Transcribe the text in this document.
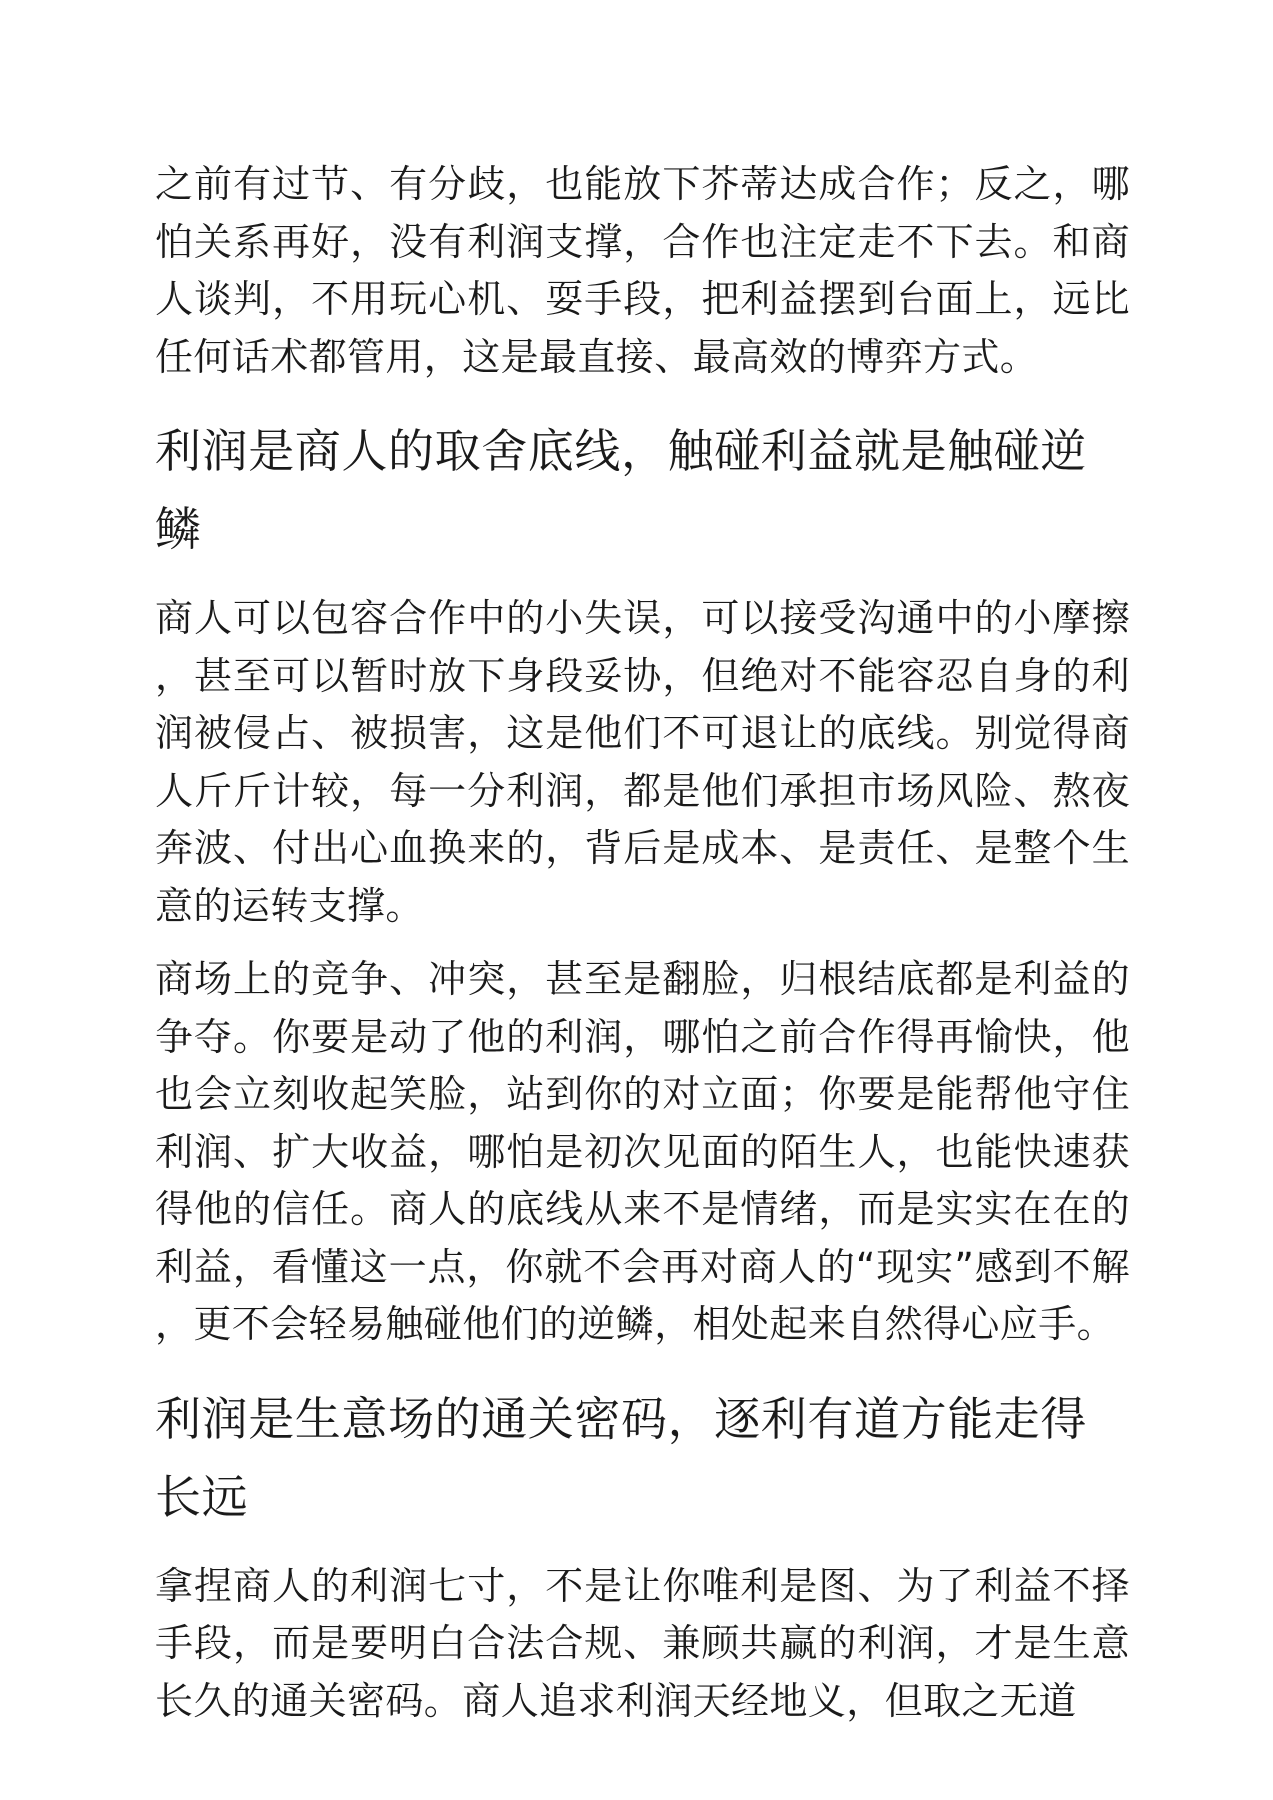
之前有过节、有分歧，也能放下芥蒂达成合作；反之，哪怕关系再好，没有利润支撑，合作也注定走不下去。和商人谈判，不用玩心机、耍手段，把利益摆到台面上，远比任何话术都管用，这是最直接、最高效的博弈方式。

利润是商人的取舍底线，触碰利益就是触碰逆鳞

商人可以包容合作中的小失误，可以接受沟通中的小摩擦，甚至可以暂时放下身段妥协，但绝对不能容忍自身的利润被侵占、被损害，这是他们不可退让的底线。别觉得商人斤斤计较，每一分利润，都是他们承担市场风险、熬夜奔波、付出心血换来的，背后是成本、是责任、是整个生意的运转支撑。

商场上的竞争、冲突，甚至是翻脸，归根结底都是利益的争夺。你要是动了他的利润，哪怕之前合作得再愉快，他也会立刻收起笑脸，站到你的对立面；你要是能帮他守住利润、扩大收益，哪怕是初次见面的陌生人，也能快速获得他的信任。商人的底线从来不是情绪，而是实实在在的利益，看懂这一点，你就不会再对商人的“现实”感到不解，更不会轻易触碰他们的逆鳞，相处起来自然得心应手。

利润是生意场的通关密码，逐利有道方能走得长远

拿捏商人的利润七寸，不是让你唯利是图、为了利益不择手段，而是要明白合法合规、兼顾共赢的利润，才是生意长久的通关密码。商人追求利润天经地义，但取之无道
